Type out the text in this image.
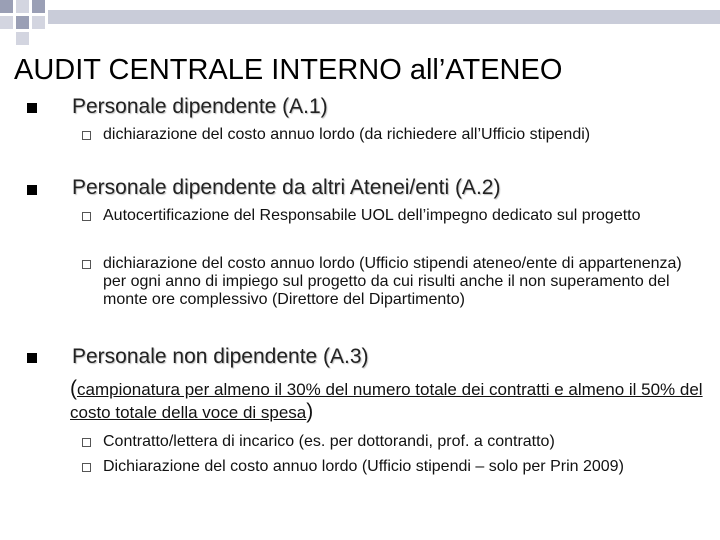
AUDIT CENTRALE INTERNO all’ATENEO
Personale dipendente (A.1)
dichiarazione del costo annuo lordo (da richiedere all’Ufficio stipendi)
Personale dipendente da altri Atenei/enti (A.2)
Autocertificazione del Responsabile UOL dell’impegno dedicato sul progetto
dichiarazione del costo annuo lordo (Ufficio stipendi ateneo/ente di appartenenza) per ogni anno di impiego sul progetto da cui risulti anche il non superamento del monte ore complessivo (Direttore del Dipartimento)
Personale non dipendente (A.3)
(campionatura per almeno il 30% del numero totale dei contratti e almeno il 50% del costo totale della voce di spesa)
Contratto/lettera di incarico (es. per dottorandi, prof. a contratto)
Dichiarazione del costo annuo lordo (Ufficio stipendi – solo per Prin 2009)
